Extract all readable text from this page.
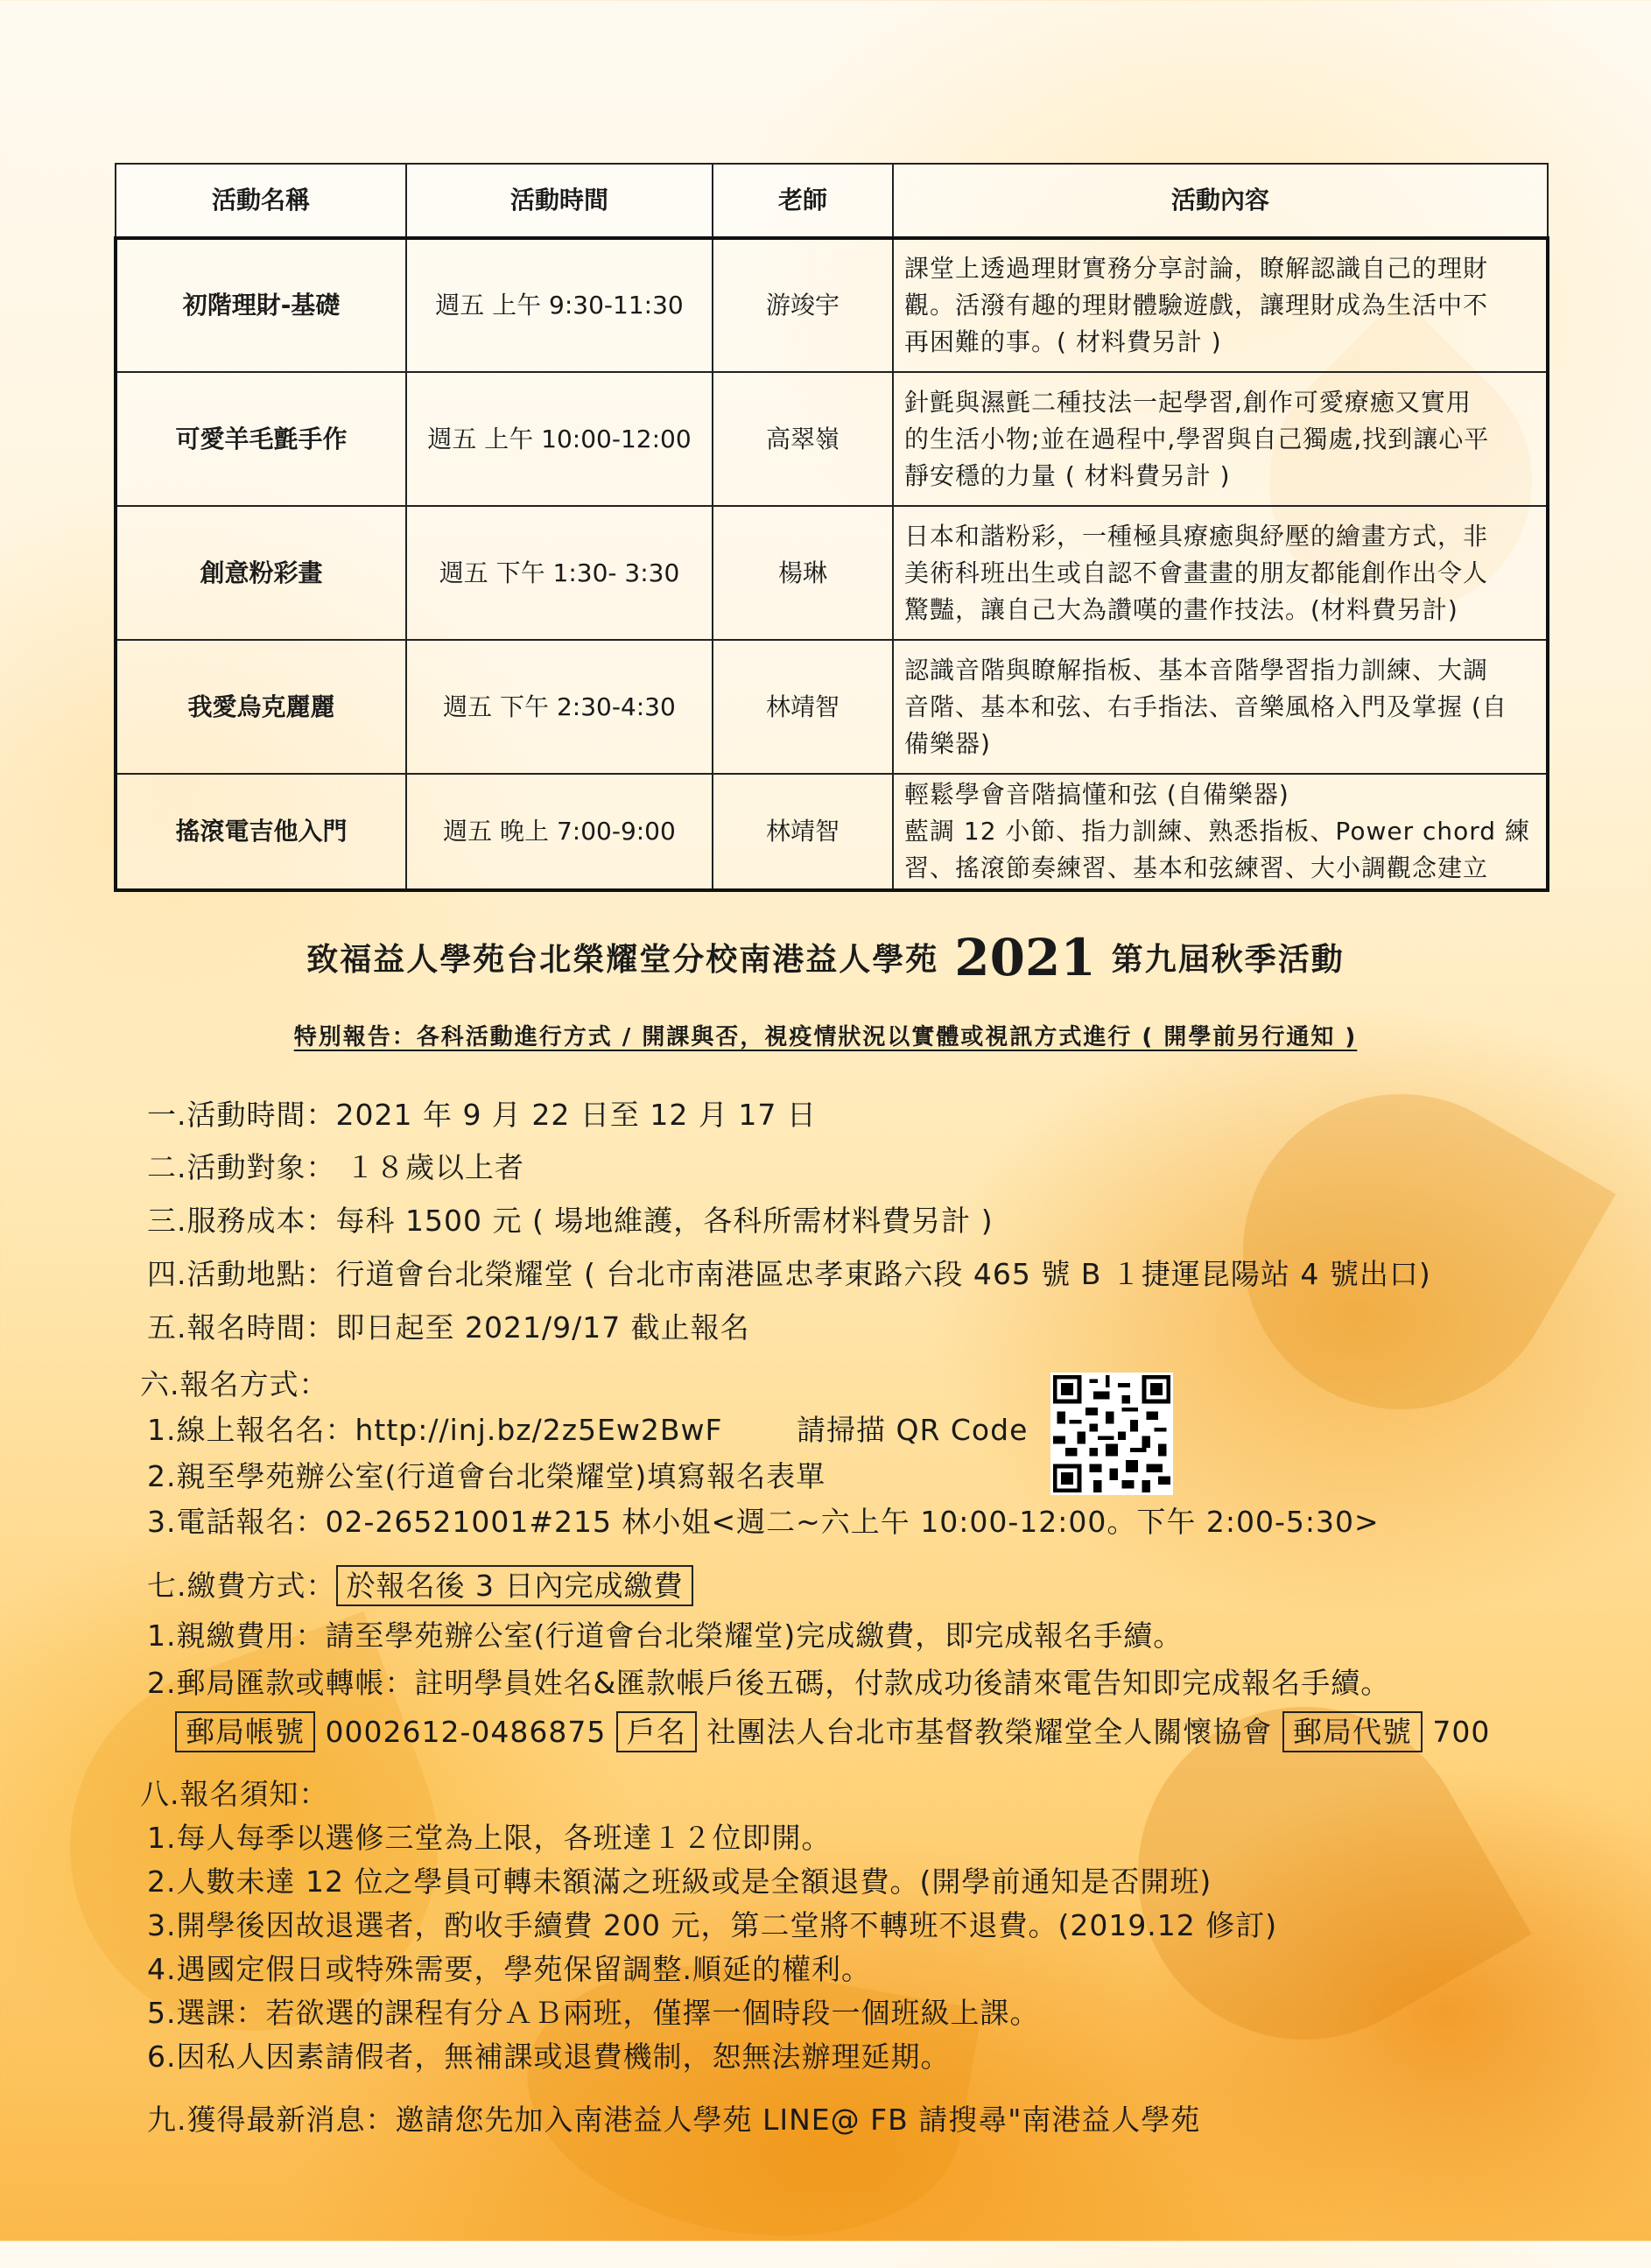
活動名稱	活動時間	老師	活動內容
初階理財-基礎	週五 上午 9:30-11:30	游竣宇	課堂上透過理財實務分享討論，瞭解認識自己的理財
觀。活潑有趣的理財體驗遊戲，讓理財成為生活中不
再困難的事。( 材料費另計 )

可愛羊毛氈手作	週五 上午 10:00-12:00	高翠嶺	針氈與濕氈二種技法一起學習,創作可愛療癒又實用
的生活小物;並在過程中,學習與自己獨處,找到讓心平
靜安穩的力量 ( 材料費另計 )

創意粉彩畫	週五 下午 1:30- 3:30	楊琳	日本和諧粉彩，一種極具療癒與紓壓的繪畫方式，非
美術科班出生或自認不會畫畫的朋友都能創作出令人
驚豔，讓自己大為讚嘆的畫作技法。(材料費另計)

我愛烏克麗麗	週五 下午 2:30-4:30	林靖智	認識音階與瞭解指板、基本音階學習指力訓練、大調
音階、基本和弦、右手指法、音樂風格入門及掌握 (自
備樂器)

搖滾電吉他入門	週五 晚上 7:00-9:00	林靖智	輕鬆學會音階搞懂和弦 (自備樂器)
藍調 12 小節、指力訓練、熟悉指板、Power chord 練
習、搖滾節奏練習、基本和弦練習、大小調觀念建立
致福益人學苑台北榮耀堂分校南港益人學苑 2021 第九屆秋季活動
特別報告：各科活動進行方式 / 開課與否，視疫情狀況以實體或視訊方式進行 ( 開學前另行通知 )
一.活動時間：2021 年 9 月 22 日至 12 月 17 日
二.活動對象： １８歲以上者
三.服務成本：每科 1500 元 ( 場地維護，各科所需材料費另計 )
四.活動地點：行道會台北榮耀堂 ( 台北市南港區忠孝東路六段 465 號 B １捷運昆陽站 4 號出口)
五.報名時間：即日起至 2021/9/17 截止報名
六.報名方式：
1.線上報名名：http://inj.bz/2z5Ew2BwF	請掃描 QR Code
2.親至學苑辦公室(行道會台北榮耀堂)填寫報名表單
3.電話報名：02-26521001#215 林小姐<週二~六上午 10:00-12:00。下午 2:00-5:30>
七.繳費方式： 於報名後 3 日內完成繳費
1.親繳費用：請至學苑辦公室(行道會台北榮耀堂)完成繳費，即完成報名手續。
2.郵局匯款或轉帳：註明學員姓名&匯款帳戶後五碼，付款成功後請來電告知即完成報名手續。
郵局帳號 0002612-0486875 戶名 社團法人台北市基督教榮耀堂全人關懷協會 郵局代號 700
八.報名須知：
1.每人每季以選修三堂為上限，各班達１２位即開。
2.人數未達 12 位之學員可轉未額滿之班級或是全額退費。(開學前通知是否開班)
3.開學後因故退選者，酌收手續費 200 元，第二堂將不轉班不退費。(2019.12 修訂)
4.遇國定假日或特殊需要，學苑保留調整.順延的權利。
5.選課：若欲選的課程有分ＡＢ兩班，僅擇一個時段一個班級上課。
6.因私人因素請假者，無補課或退費機制，恕無法辦理延期。
九.獲得最新消息：邀請您先加入南港益人學苑 LINE@ FB 請搜尋"南港益人學苑
